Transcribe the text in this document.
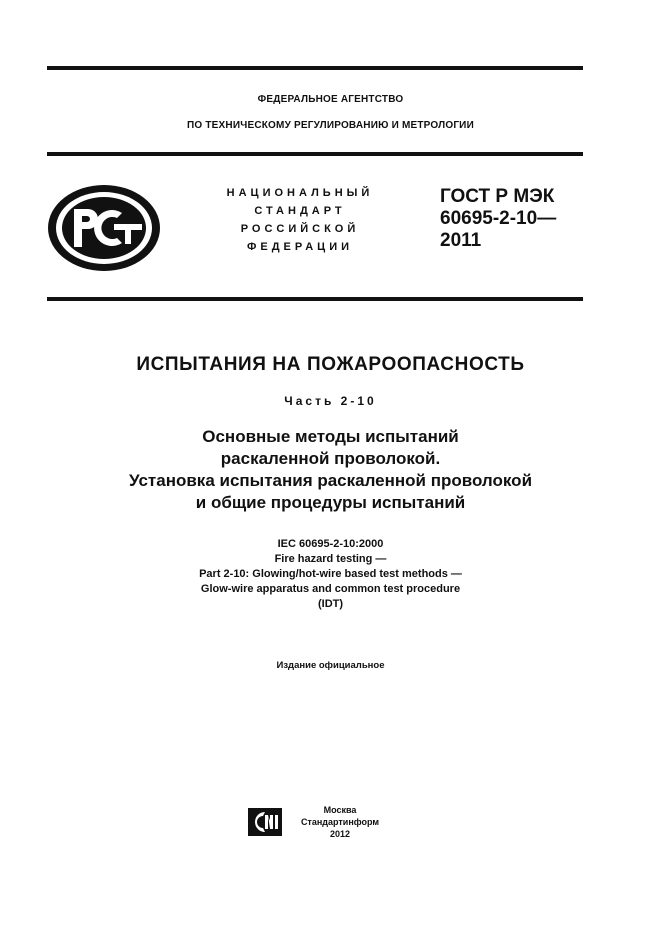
ФЕДЕРАЛЬНОЕ АГЕНТСТВО
ПО ТЕХНИЧЕСКОМУ РЕГУЛИРОВАНИЮ И МЕТРОЛОГИИ
НАЦИОНАЛЬНЫЙ
СТАНДАРТ
РОССИЙСКОЙ
ФЕДЕРАЦИИ
ГОСТ Р МЭК
60695-2-10—
2011
ИСПЫТАНИЯ НА ПОЖАРООПАСНОСТЬ
Часть 2-10
Основные методы испытаний
раскаленной проволокой.
Установка испытания раскаленной проволокой
и общие процедуры испытаний
IEC 60695-2-10:2000
Fire hazard testing —
Part 2-10: Glowing/hot-wire based test methods —
Glow-wire apparatus and common test procedure
(IDT)
Издание официальное
Москва
Стандартинформ
2012
